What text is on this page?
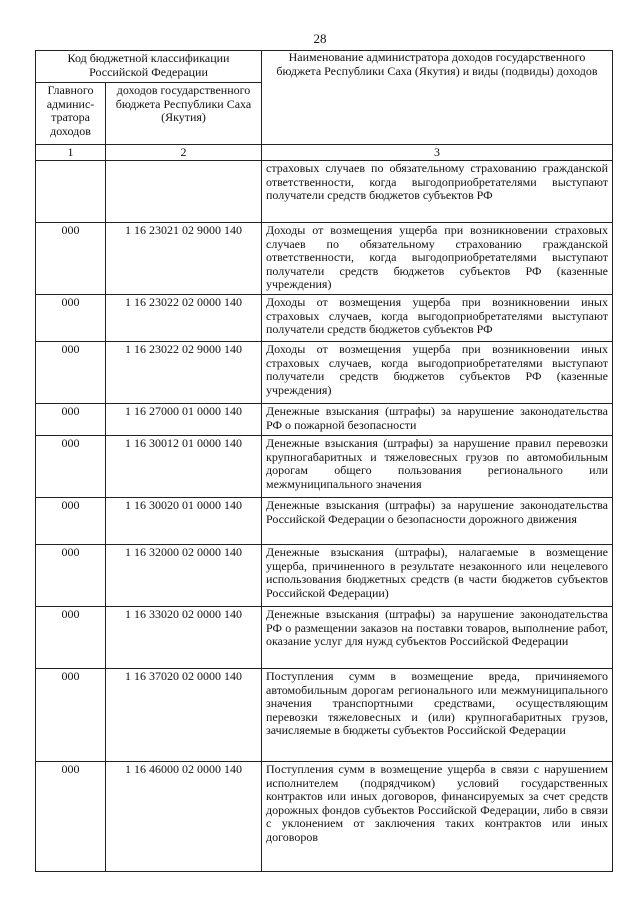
28
Код бюджетной классификации Российской Федерации		Наименование администратора доходов государственного бюджета Республики Саха (Якутия) и виды (подвиды) доходов
Главного админис-тратора доходов	доходов государственного бюджета Республики Саха (Якутия)	
1	2	3
		страховых случаев по обязательному страхованию гражданской ответственности, когда выгодоприобретателями выступают получатели средств бюджетов субъектов РФ
000	1 16 23021 02 9000 140	Доходы от возмещения ущерба при возникновении страховых случаев по обязательному страхованию гражданской ответственности, когда выгодоприобретателями выступают получатели средств бюджетов субъектов РФ (казенные учреждения)
000	1 16 23022 02 0000 140	Доходы от возмещения ущерба при возникновении иных страховых случаев, когда выгодоприобретателями выступают получатели средств бюджетов субъектов РФ
000	1 16 23022 02 9000 140	Доходы от возмещения ущерба при возникновении иных страховых случаев, когда выгодоприобретателями выступают получатели средств бюджетов субъектов РФ (казенные учреждения)
000	1 16 27000 01 0000 140	Денежные взыскания (штрафы) за нарушение законодательства РФ о пожарной безопасности
000	1 16 30012 01 0000 140	Денежные взыскания (штрафы) за нарушение правил перевозки крупногабаритных и тяжеловесных грузов по автомобильным дорогам общего пользования регионального или межмуниципального значения
000	1 16 30020 01 0000 140	Денежные взыскания (штрафы) за нарушение законодательства Российской Федерации о безопасности дорожного движения
000	1 16 32000 02 0000 140	Денежные взыскания (штрафы), налагаемые в возмещение ущерба, причиненного в результате незаконного или нецелевого использования бюджетных средств (в части бюджетов субъектов Российской Федерации)
000	1 16 33020 02 0000 140	Денежные взыскания (штрафы) за нарушение законодательства РФ о размещении заказов на поставки товаров, выполнение работ, оказание услуг для нужд субъектов Российской Федерации
000	1 16 37020 02 0000 140	Поступления сумм в возмещение вреда, причиняемого автомобильным дорогам регионального или межмуниципального значения транспортными средствами, осуществляющим перевозки тяжеловесных и (или) крупногабаритных грузов, зачисляемые в бюджеты субъектов Российской Федерации
000	1 16 46000 02 0000 140	Поступления сумм в возмещение ущерба в связи с нарушением исполнителем (подрядчиком) условий государственных контрактов или иных договоров, финансируемых за счет средств дорожных фондов субъектов Российской Федерации, либо в связи с уклонением от заключения таких контрактов или иных договоров
